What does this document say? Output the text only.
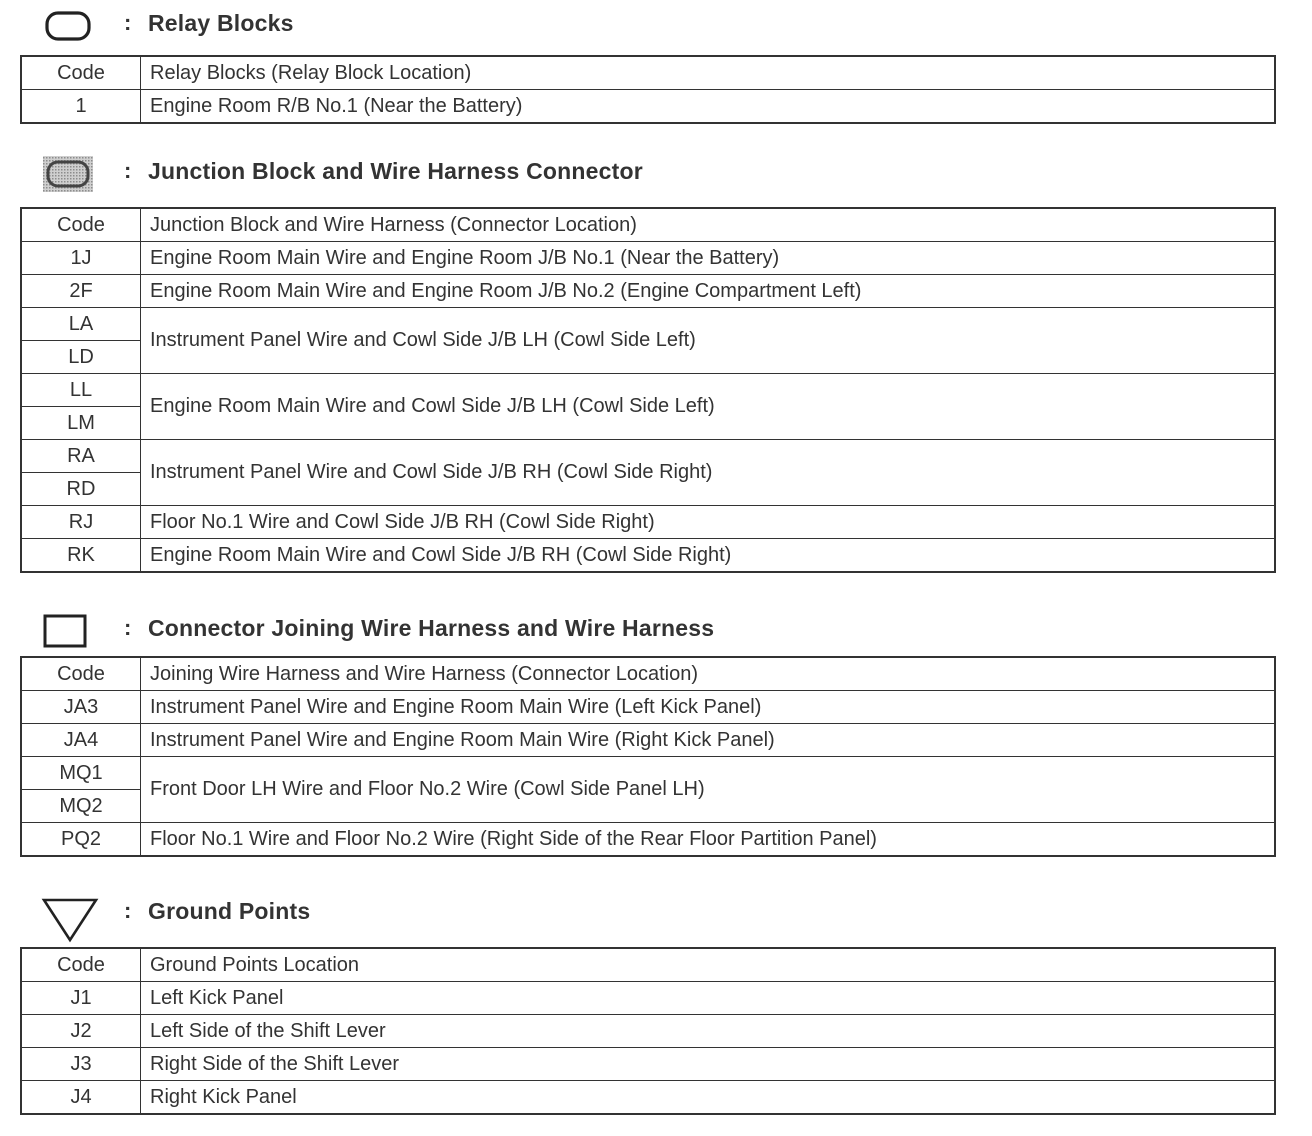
: Relay Blocks
Code	Relay Blocks (Relay Block Location)
1	Engine Room R/B No.1 (Near the Battery)
: Junction Block and Wire Harness Connector
Code	Junction Block and Wire Harness (Connector Location)
1J	Engine Room Main Wire and Engine Room J/B No.1 (Near the Battery)
2F	Engine Room Main Wire and Engine Room J/B No.2 (Engine Compartment Left)
LA	Instrument Panel Wire and Cowl Side J/B LH (Cowl Side Left)
LD	
LL	Engine Room Main Wire and Cowl Side J/B LH (Cowl Side Left)
LM	
RA	Instrument Panel Wire and Cowl Side J/B RH (Cowl Side Right)
RD	
RJ	Floor No.1 Wire and Cowl Side J/B RH (Cowl Side Right)
RK	Engine Room Main Wire and Cowl Side J/B RH (Cowl Side Right)
: Connector Joining Wire Harness and Wire Harness
Code	Joining Wire Harness and Wire Harness (Connector Location)
JA3	Instrument Panel Wire and Engine Room Main Wire (Left Kick Panel)
JA4	Instrument Panel Wire and Engine Room Main Wire (Right Kick Panel)
MQ1	Front Door LH Wire and Floor No.2 Wire (Cowl Side Panel LH)
MQ2	
PQ2	Floor No.1 Wire and Floor No.2 Wire (Right Side of the Rear Floor Partition Panel)
: Ground Points
Code	Ground Points Location
J1	Left Kick Panel
J2	Left Side of the Shift Lever
J3	Right Side of the Shift Lever
J4	Right Kick Panel
